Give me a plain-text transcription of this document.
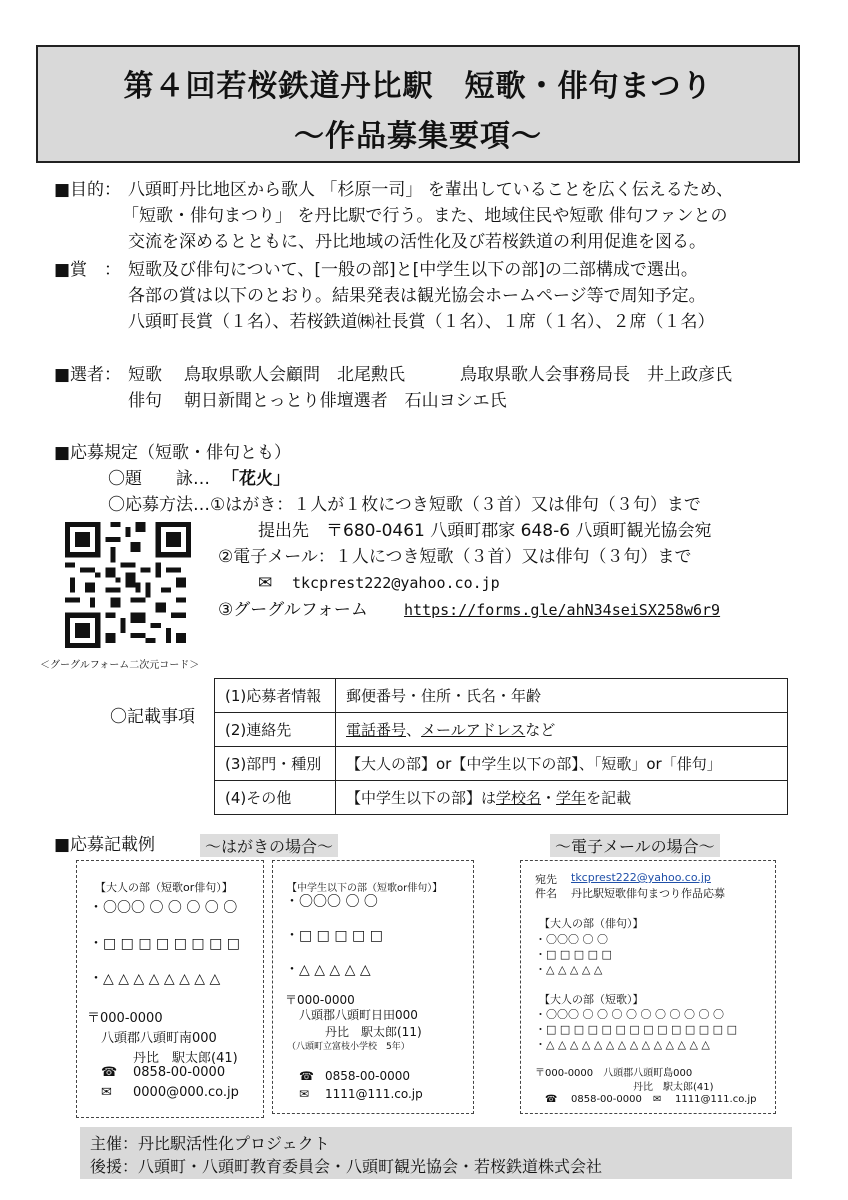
第４回若桜鉄道丹比駅　短歌・俳句まつり
～作品募集要項～
■目的： 八頭町丹比地区から歌人 「杉原一司」 を輩出していることを広く伝えるため、
「短歌・俳句まつり」 を丹比駅で行う。また、地域住民や短歌 俳句ファンとの
交流を深めるとともに、丹比地域の活性化及び若桜鉄道の利用促進を図る。
■賞　： 短歌及び俳句について、[一般の部]と[中学生以下の部]の二部構成で選出。
各部の賞は以下のとおり。結果発表は観光協会ホームページ等で周知予定。
八頭町長賞（１名）、若桜鉄道㈱社長賞（１名）、１席（１名）、２席（１名）
■選者： 短歌 鳥取県歌人会顧問　北尾勲氏	鳥取県歌人会事務局長　井上政彦氏
俳句 朝日新聞とっとり俳壇選者　石山ヨシエ氏
■応募規定（短歌・俳句とも）
〇題　　詠… 「花火」
〇応募方法…①はがき：１人が１枚につき短歌（３首）又は俳句（３句）まで
提出先　〒680-0461 八頭町郡家 648-6 八頭町観光協会宛
②電子メール：１人につき短歌（３首）又は俳句（３句）まで
✉ tkcprest222@yahoo.co.jp
③グーグルフォーム https://forms.gle/ahN34seiSX258w6r9
＜グーグルフォーム二次元コード＞
〇記載事項
(1)応募者情報	郵便番号・住所・氏名・年齢
(2)連絡先	電話番号、メールアドレスなど
(3)部門・種別	【大人の部】or【中学生以下の部】、「短歌」or「俳句」
(4)その他	【中学生以下の部】は学校名・学年を記載
■応募記載例	～はがきの場合～	～電子メールの場合～
【大人の部（短歌or俳句）】
・〇〇〇 〇 〇 〇 〇 〇
・□ □ □ □ □ □ □ □
・△ △ △ △ △ △ △ △
〒000-0000
八頭郡八頭町南000
丹比　駅太郎(41)
☎ 0858-00-0000
✉ 0000@000.co.jp
【中学生以下の部（短歌or俳句）】
・〇〇〇 〇 〇
・□ □ □ □ □
・△ △ △ △ △
〒000-0000
八頭郡八頭町日田000
丹比　駅太郎(11)
（八頭町立富枝小学校　5年）
☎ 0858-00-0000
✉ 1111@111.co.jp
宛先 tkcprest222@yahoo.co.jp
件名 丹比駅短歌俳句まつり作品応募
【大人の部（俳句）】
・〇〇〇 〇 〇
・□ □ □ □ □
・△ △ △ △ △
【大人の部（短歌）】
・〇〇〇 〇 〇 〇 〇 〇 〇 〇 〇 〇 〇
・□ □ □ □ □ □ □ □ □ □ □ □ □ □
・△ △ △ △ △ △ △ △ △ △ △ △ △ △
〒000-0000　八頭郡八頭町島000
丹比　駅太郎(41)
☎ 0858-00-0000 ✉ 1111@111.co.jp
主催：丹比駅活性化プロジェクト
後援：八頭町・八頭町教育委員会・八頭町観光協会・若桜鉄道株式会社
